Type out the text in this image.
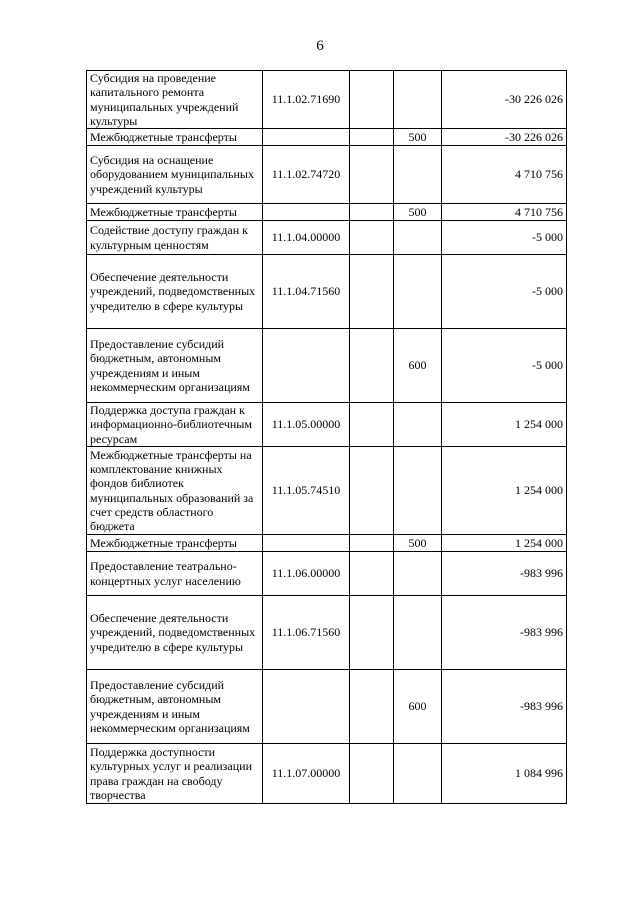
6
Субсидия на проведение капитального ремонта муниципальных учреждений культуры	11.1.02.71690			-30 226 026
Межбюджетные трансферты			500	-30 226 026
Субсидия на оснащение оборудованием муниципальных учреждений культуры	11.1.02.74720			4 710 756
Межбюджетные трансферты			500	4 710 756
Содействие доступу граждан к культурным ценностям	11.1.04.00000			-5 000
Обеспечение деятельности учреждений, подведомственных учредителю в сфере культуры	11.1.04.71560			-5 000
Предоставление субсидий бюджетным, автономным учреждениям и иным некоммерческим организациям			600	-5 000
Поддержка доступа граждан к информационно-библиотечным ресурсам	11.1.05.00000			1 254 000
Межбюджетные трансферты на комплектование книжных фондов библиотек муниципальных образований за счет средств областного бюджета	11.1.05.74510			1 254 000
Межбюджетные трансферты			500	1 254 000
Предоставление театрально-концертных услуг населению	11.1.06.00000			-983 996
Обеспечение деятельности учреждений, подведомственных учредителю в сфере культуры	11.1.06.71560			-983 996
Предоставление субсидий бюджетным, автономным учреждениям и иным некоммерческим организациям			600	-983 996
Поддержка доступности культурных услуг и реализации права граждан на свободу творчества	11.1.07.00000			1 084 996
